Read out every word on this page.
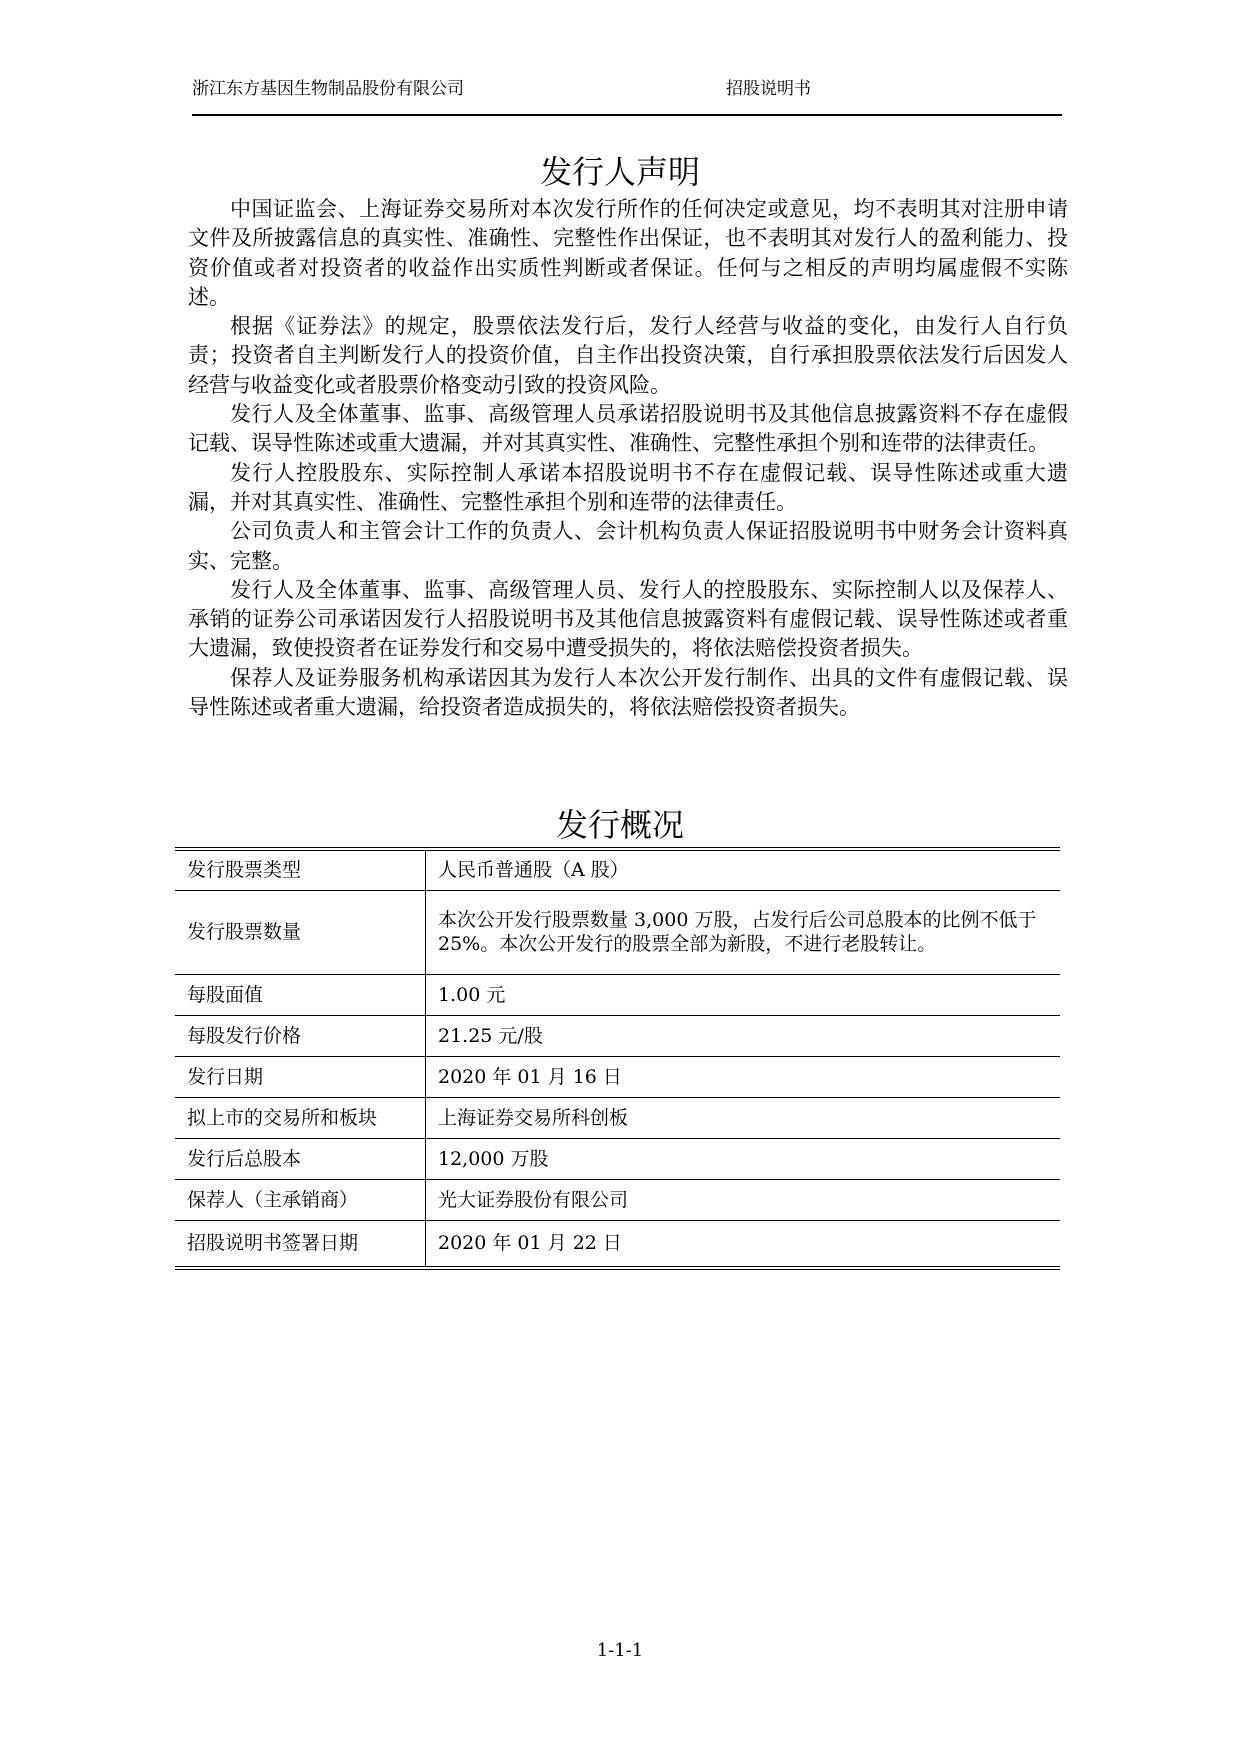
浙江东方基因生物制品股份有限公司	招股说明书
发行人声明

中国证监会、上海证券交易所对本次发行所作的任何决定或意见，均不表明其对注册申请文件及所披露信息的真实性、准确性、完整性作出保证，也不表明其对发行人的盈利能力、投资价值或者对投资者的收益作出实质性判断或者保证。任何与之相反的声明均属虚假不实陈述。

根据《证券法》的规定，股票依法发行后，发行人经营与收益的变化，由发行人自行负责；投资者自主判断发行人的投资价值，自主作出投资决策，自行承担股票依法发行后因发人经营与收益变化或者股票价格变动引致的投资风险。

发行人及全体董事、监事、高级管理人员承诺招股说明书及其他信息披露资料不存在虚假记载、误导性陈述或重大遗漏，并对其真实性、准确性、完整性承担个别和连带的法律责任。

发行人控股股东、实际控制人承诺本招股说明书不存在虚假记载、误导性陈述或重大遗漏，并对其真实性、准确性、完整性承担个别和连带的法律责任。

公司负责人和主管会计工作的负责人、会计机构负责人保证招股说明书中财务会计资料真实、完整。

发行人及全体董事、监事、高级管理人员、发行人的控股股东、实际控制人以及保荐人、承销的证券公司承诺因发行人招股说明书及其他信息披露资料有虚假记载、误导性陈述或者重大遗漏，致使投资者在证券发行和交易中遭受损失的，将依法赔偿投资者损失。

保荐人及证券服务机构承诺因其为发行人本次公开发行制作、出具的文件有虚假记载、误导性陈述或者重大遗漏，给投资者造成损失的，将依法赔偿投资者损失。

发行概况
发行股票类型	人民币普通股（A 股）
发行股票数量	本次公开发行股票数量 3,000 万股，占发行后公司总股本的比例不低于 25%。本次公开发行的股票全部为新股，不进行老股转让。
每股面值	1.00 元
每股发行价格	21.25 元/股
发行日期	2020 年 01 月 16 日
拟上市的交易所和板块	上海证券交易所科创板
发行后总股本	12,000 万股
保荐人（主承销商）	光大证券股份有限公司
招股说明书签署日期	2020 年 01 月 22 日
1-1-1
